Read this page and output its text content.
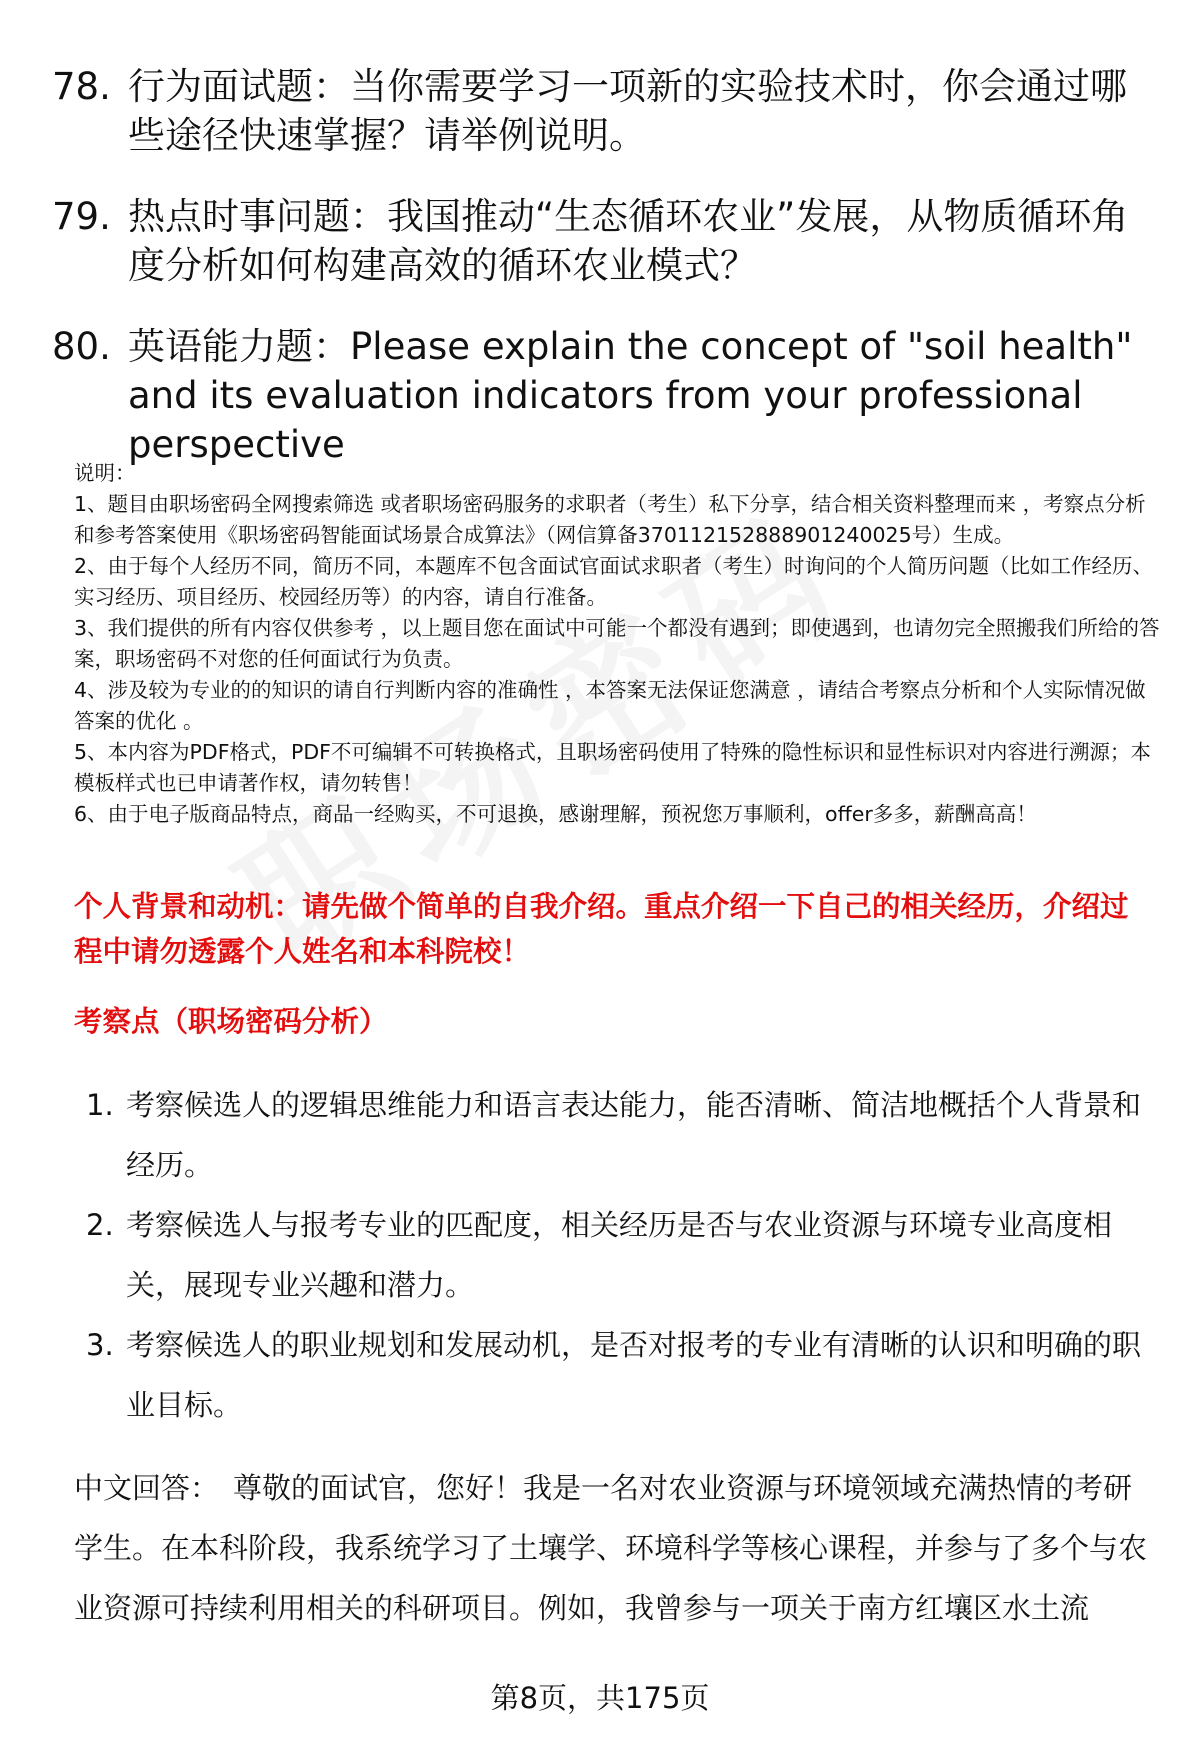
78. 行为面试题：当你需要学习一项新的实验技术时，你会通过哪些途径快速掌握？请举例说明。
79. 热点时事问题：我国推动“生态循环农业”发展，从物质循环角度分析如何构建高效的循环农业模式？
80. 英语能力题：Please explain the concept of "soil health" and its evaluation indicators from your professional perspective

说明：

1、题目由职场密码全网搜索筛选 或者职场密码服务的求职者（考生）私下分享，结合相关资料整理而来 ，考察点分析和参考答案使用《职场密码智能面试场景合成算法》（网信算备370112152888901240025号）生成。

2、由于每个人经历不同，简历不同，本题库不包含面试官面试求职者（考生）时询问的个人简历问题（比如工作经历、实习经历、项目经历、校园经历等）的内容，请自行准备。

3、我们提供的所有内容仅供参考 ，以上题目您在面试中可能一个都没有遇到；即使遇到，也请勿完全照搬我们所给的答案，职场密码不对您的任何面试行为负责。

4、涉及较为专业的的知识的请自行判断内容的准确性 ，本答案无法保证您满意 ，请结合考察点分析和个人实际情况做答案的优化 。

5、本内容为PDF格式，PDF不可编辑不可转换格式，且职场密码使用了特殊的隐性标识和显性标识对内容进行溯源；本模板样式也已申请著作权，请勿转售！

6、由于电子版商品特点，商品一经购买，不可退换，感谢理解，预祝您万事顺利，offer多多，薪酬高高！

个人背景和动机：请先做个简单的自我介绍。重点介绍一下自己的相关经历，介绍过程中请勿透露个人姓名和本科院校！
考察点（职场密码分析）
1. 考察候选人的逻辑思维能力和语言表达能力，能否清晰、简洁地概括个人背景和经历。
2. 考察候选人与报考专业的匹配度，相关经历是否与农业资源与环境专业高度相关，展现专业兴趣和潜力。
3. 考察候选人的职业规划和发展动机，是否对报考的专业有清晰的认识和明确的职业目标。
中文回答： 尊敬的面试官，您好！我是一名对农业资源与环境领域充满热情的考研学生。在本科阶段，我系统学习了土壤学、环境科学等核心课程，并参与了多个与农业资源可持续利用相关的科研项目。例如，我曾参与一项关于南方红壤区水土流
第8页，共175页
